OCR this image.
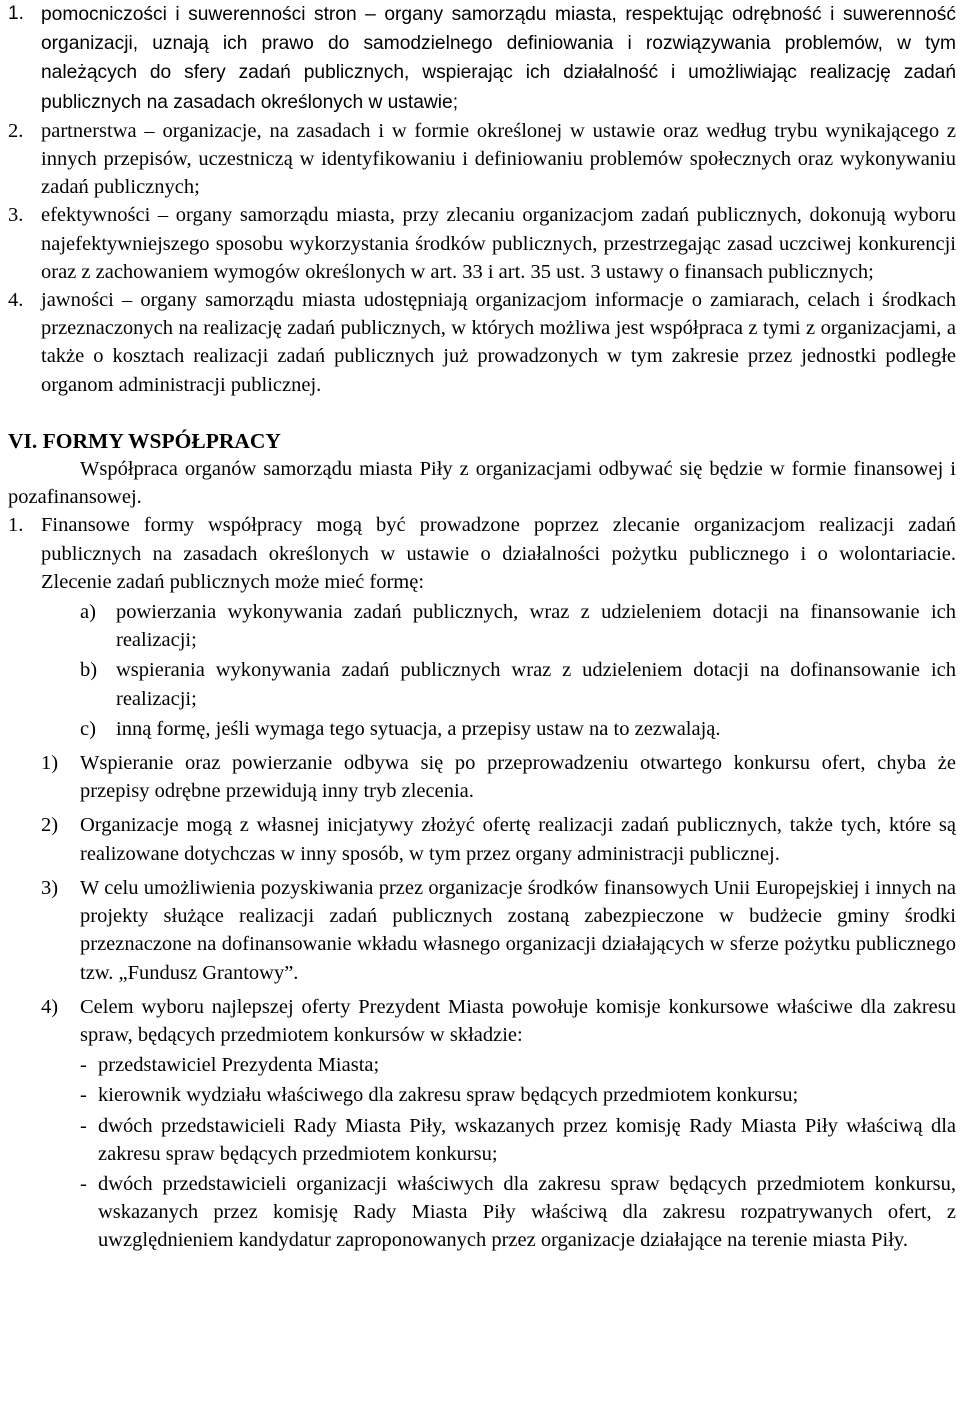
1. pomocniczości i suwerenności stron – organy samorządu miasta, respektując odrębność i suwerenność organizacji, uznają ich prawo do samodzielnego definiowania i rozwiązywania problemów, w tym należących do sfery zadań publicznych, wspierając ich działalność i umożliwiając realizację zadań publicznych na zasadach określonych w ustawie;

2. partnerstwa – organizacje, na zasadach i w formie określonej w ustawie oraz według trybu wynikającego z innych przepisów, uczestniczą w identyfikowaniu i definiowaniu problemów społecznych oraz wykonywaniu zadań publicznych;

3. efektywności – organy samorządu miasta, przy zlecaniu organizacjom zadań publicznych, dokonują wyboru najefektywniejszego sposobu wykorzystania środków publicznych, przestrzegając zasad uczciwej konkurencji oraz z zachowaniem wymogów określonych w art. 33 i art. 35 ust. 3 ustawy o finansach publicznych;

4. jawności – organy samorządu miasta udostępniają organizacjom informacje o zamiarach, celach i środkach przeznaczonych na realizację zadań publicznych, w których możliwa jest współpraca z tymi z organizacjami, a także o kosztach realizacji zadań publicznych już prowadzonych w tym zakresie przez jednostki podległe organom administracji publicznej.

VI. FORMY WSPÓŁPRACY

Współpraca organów samorządu miasta Piły z organizacjami odbywać się będzie w formie finansowej i pozafinansowej.

1. Finansowe formy współpracy mogą być prowadzone poprzez zlecanie organizacjom realizacji zadań publicznych na zasadach określonych w ustawie o działalności pożytku publicznego i o wolontariacie. Zlecenie zadań publicznych może mieć formę:

a) powierzania wykonywania zadań publicznych, wraz z udzieleniem dotacji na finansowanie ich realizacji;

b) wspierania wykonywania zadań publicznych wraz z udzieleniem dotacji na dofinansowanie ich realizacji;

c) inną formę, jeśli wymaga tego sytuacja, a przepisy ustaw na to zezwalają.

1) Wspieranie oraz powierzanie odbywa się po przeprowadzeniu otwartego konkursu ofert, chyba że przepisy odrębne przewidują inny tryb zlecenia.

2) Organizacje mogą z własnej inicjatywy złożyć ofertę realizacji zadań publicznych, także tych, które są realizowane dotychczas w inny sposób, w tym przez organy administracji publicznej.

3) W celu umożliwienia pozyskiwania przez organizacje środków finansowych Unii Europejskiej i innych na projekty służące realizacji zadań publicznych zostaną zabezpieczone w budżecie gminy środki przeznaczone na dofinansowanie wkładu własnego organizacji działających w sferze pożytku publicznego tzw. „Fundusz Grantowy”.

4) Celem wyboru najlepszej oferty Prezydent Miasta powołuje komisje konkursowe właściwe dla zakresu spraw, będących przedmiotem konkursów w składzie:

- przedstawiciel Prezydenta Miasta;

- kierownik wydziału właściwego dla zakresu spraw będących przedmiotem konkursu;

- dwóch przedstawicieli Rady Miasta Piły, wskazanych przez komisję Rady Miasta Piły właściwą dla zakresu spraw będących przedmiotem konkursu;

- dwóch przedstawicieli organizacji właściwych dla zakresu spraw będących przedmiotem konkursu, wskazanych przez komisję Rady Miasta Piły właściwą dla zakresu rozpatrywanych ofert, z uwzględnieniem kandydatur zaproponowanych przez organizacje działające na terenie miasta Piły.
